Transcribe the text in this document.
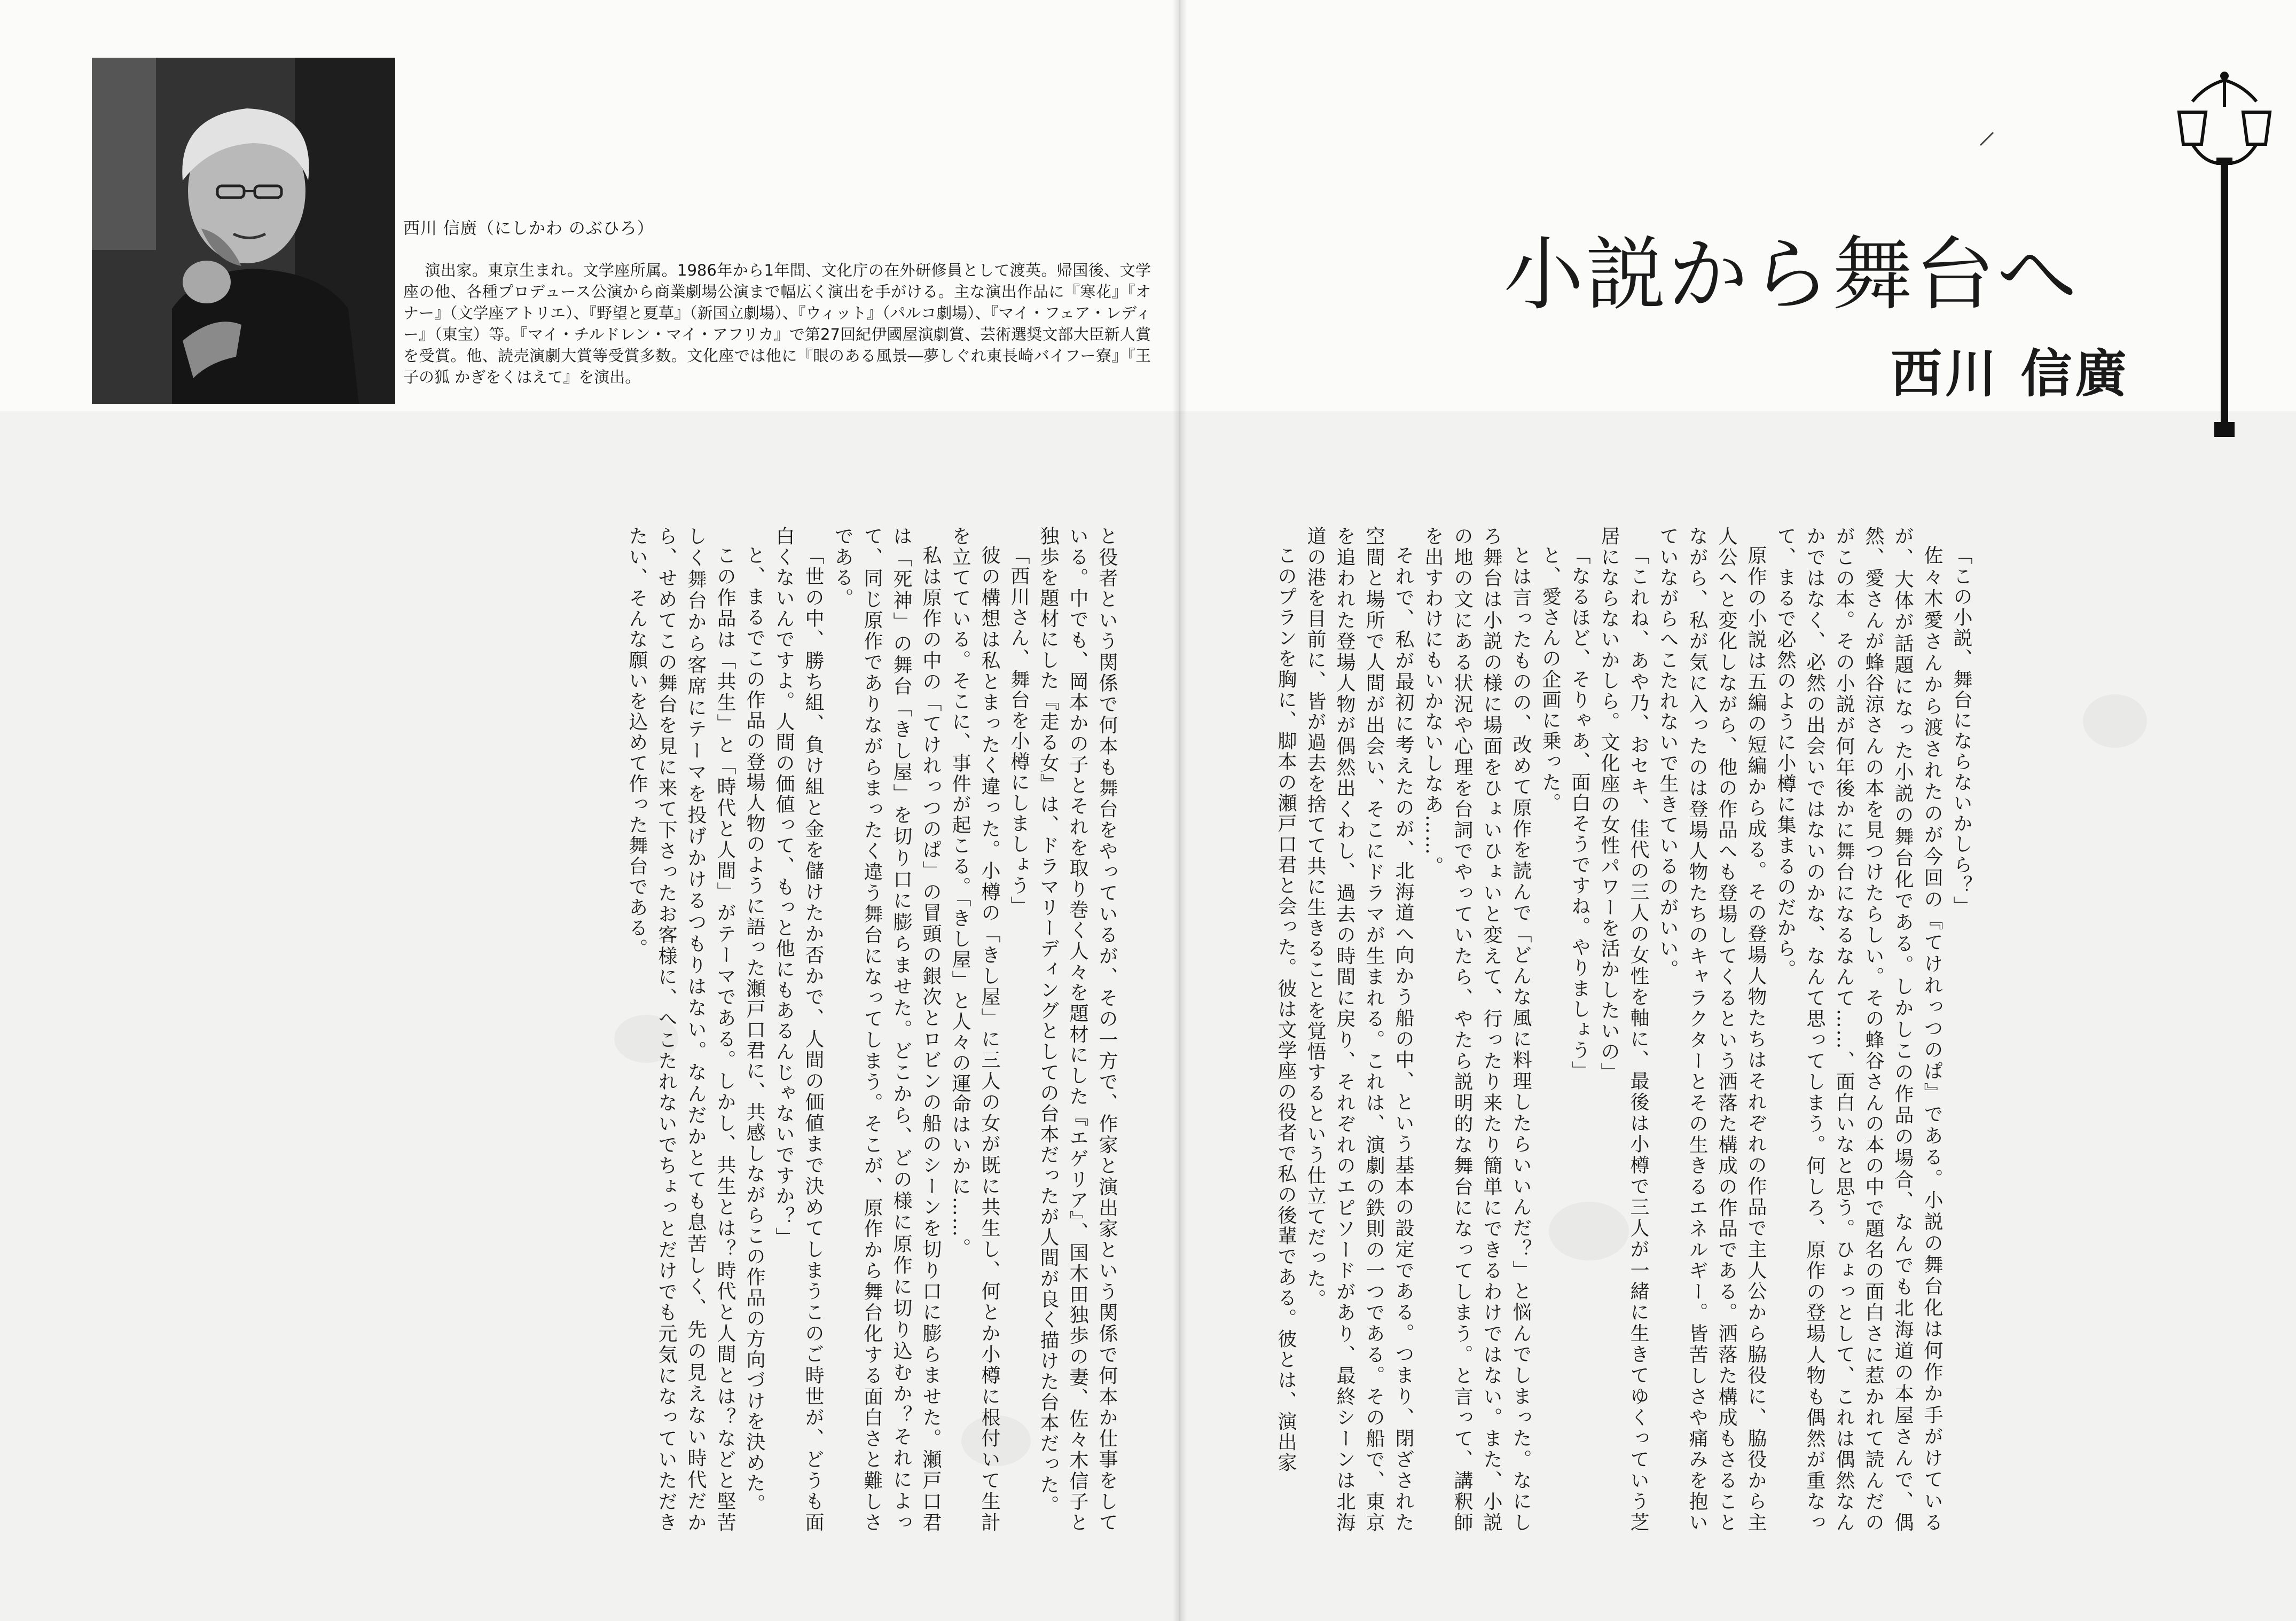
西川 信廣（にしかわ のぶひろ）
演出家。東京生まれ。文学座所属。1986年から1年間、文化庁の在外研修員として渡英。帰国後、文学座の他、各種プロデュース公演から商業劇場公演まで幅広く演出を手がける。主な演出作品に『寒花』『オナー』（文学座アトリエ）、『野望と夏草』（新国立劇場）、『ウィット』（パルコ劇場）、『マイ・フェア・レディー』（東宝）等。『マイ・チルドレン・マイ・アフリカ』で第27回紀伊國屋演劇賞、芸術選奨文部大臣新人賞を受賞。他、読売演劇大賞等受賞多数。文化座では他に『眼のある風景―夢しぐれ東長崎バイフー寮』『王子の狐 かぎをくはえて』を演出。
小説から舞台へ
西川 信廣

「この小説、舞台にならないかしら？」

佐々木愛さんから渡されたのが今回の『てけれっつのぱ』である。小説の舞台化は何作か手がけているが、大体が話題になった小説の舞台化である。しかしこの作品の場合、なんでも北海道の本屋さんで、偶然、愛さんが蜂谷涼さんの本を見つけたらしい。その蜂谷さんの本の中で題名の面白さに惹かれて読んだのがこの本。その小説が何年後かに舞台になるなんて……、面白いなと思う。ひょっとして、これは偶然なんかではなく、必然の出会いではないのかな、なんて思ってしまう。何しろ、原作の登場人物も偶然が重なって、まるで必然のように小樽に集まるのだから。

原作の小説は五編の短編から成る。その登場人物たちはそれぞれの作品で主人公から脇役に、脇役から主人公へと変化しながら、他の作品へも登場してくるという洒落た構成の作品である。洒落た構成もさることながら、私が気に入ったのは登場人物たちのキャラクターとその生きるエネルギー。皆苦しさや痛みを抱いていながらへこたれないで生きているのがいい。

「これね、あや乃、おセキ、佳代の三人の女性を軸に、最後は小樽で三人が一緒に生きてゆくっていう芝居にならないかしら。文化座の女性パワーを活かしたいの」

「なるほど、そりゃあ、面白そうですね。やりましょう」

と、愛さんの企画に乗った。

とは言ったものの、改めて原作を読んで「どんな風に料理したらいいんだ？」と悩んでしまった。なにしろ舞台は小説の様に場面をひょいひょいと変えて、行ったり来たり簡単にできるわけではない。また、小説の地の文にある状況や心理を台詞でやっていたら、やたら説明的な舞台になってしまう。と言って、講釈師を出すわけにもいかないしなあ……。

それで、私が最初に考えたのが、北海道へ向かう船の中、という基本の設定である。つまり、閉ざされた空間と場所で人間が出会い、そこにドラマが生まれる。これは、演劇の鉄則の一つである。その船で、東京を追われた登場人物が偶然出くわし、過去の時間に戻り、それぞれのエピソードがあり、最終シーンは北海道の港を目前に、皆が過去を捨てて共に生きることを覚悟するという仕立てだった。

このプランを胸に、脚本の瀬戸口君と会った。彼は文学座の役者で私の後輩である。彼とは、演出家

と役者という関係で何本も舞台をやっているが、その一方で、作家と演出家という関係で何本か仕事をしている。中でも、岡本かの子とそれを取り巻く人々を題材にした『エゲリア』、国木田独歩の妻、佐々木信子と独歩を題材にした『走る女』は、ドラマリーディングとしての台本だったが人間が良く描けた台本だった。

「西川さん、舞台を小樽にしましょう」

彼の構想は私とまったく違った。小樽の「きし屋」に三人の女が既に共生し、何とか小樽に根付いて生計を立てている。そこに、事件が起こる。「きし屋」と人々の運命はいかに……。

私は原作の中の「てけれっつのぱ」の冒頭の銀次とロビンの船のシーンを切り口に膨らませた。瀬戸口君は「死神」の舞台「きし屋」を切り口に膨らませた。どこから、どの様に原作に切り込むか？それによって、同じ原作でありながらまったく違う舞台になってしまう。そこが、原作から舞台化する面白さと難しさである。

「世の中、勝ち組、負け組と金を儲けたか否かで、人間の価値まで決めてしまうこのご時世が、どうも面白くないんですよ。人間の価値って、もっと他にもあるんじゃないですか？」

と、まるでこの作品の登場人物のように語った瀬戸口君に、共感しながらこの作品の方向づけを決めた。

この作品は「共生」と「時代と人間」がテーマである。しかし、共生とは？時代と人間とは？などと堅苦しく舞台から客席にテーマを投げかけるつもりはない。なんだかとても息苦しく、先の見えない時代だから、せめてこの舞台を見に来て下さったお客様に、へこたれないでちょっとだけでも元気になっていただきたい、そんな願いを込めて作った舞台である。
